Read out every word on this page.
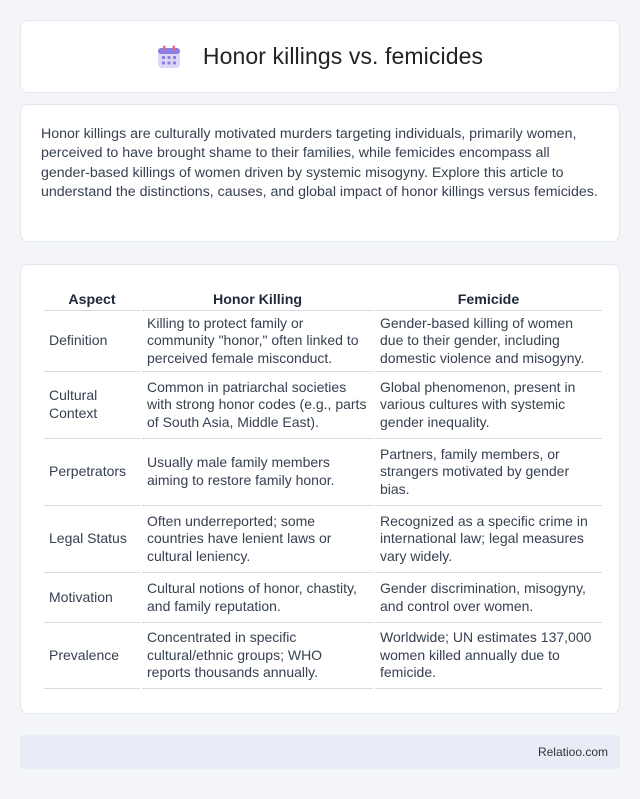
Honor killings vs. femicides

Honor killings are culturally motivated murders targeting individuals, primarily women, perceived to have brought shame to their families, while femicides encompass all gender-based killings of women driven by systemic misogyny. Explore this article to understand the distinctions, causes, and global impact of honor killings versus femicides.

Aspect	Honor Killing	Femicide
Definition	Killing to protect family or community "honor," often linked to perceived female misconduct.	Gender-based killing of women due to their gender, including domestic violence and misogyny.
Cultural Context	Common in patriarchal societies with strong honor codes (e.g., parts of South Asia, Middle East).	Global phenomenon, present in various cultures with systemic gender inequality.
Perpetrators	Usually male family members aiming to restore family honor.	Partners, family members, or strangers motivated by gender bias.
Legal Status	Often underreported; some countries have lenient laws or cultural leniency.	Recognized as a specific crime in international law; legal measures vary widely.
Motivation	Cultural notions of honor, chastity, and family reputation.	Gender discrimination, misogyny, and control over women.
Prevalence	Concentrated in specific cultural/ethnic groups; WHO reports thousands annually.	Worldwide; UN estimates 137,000 women killed annually due to femicide.
Relatioo.com
